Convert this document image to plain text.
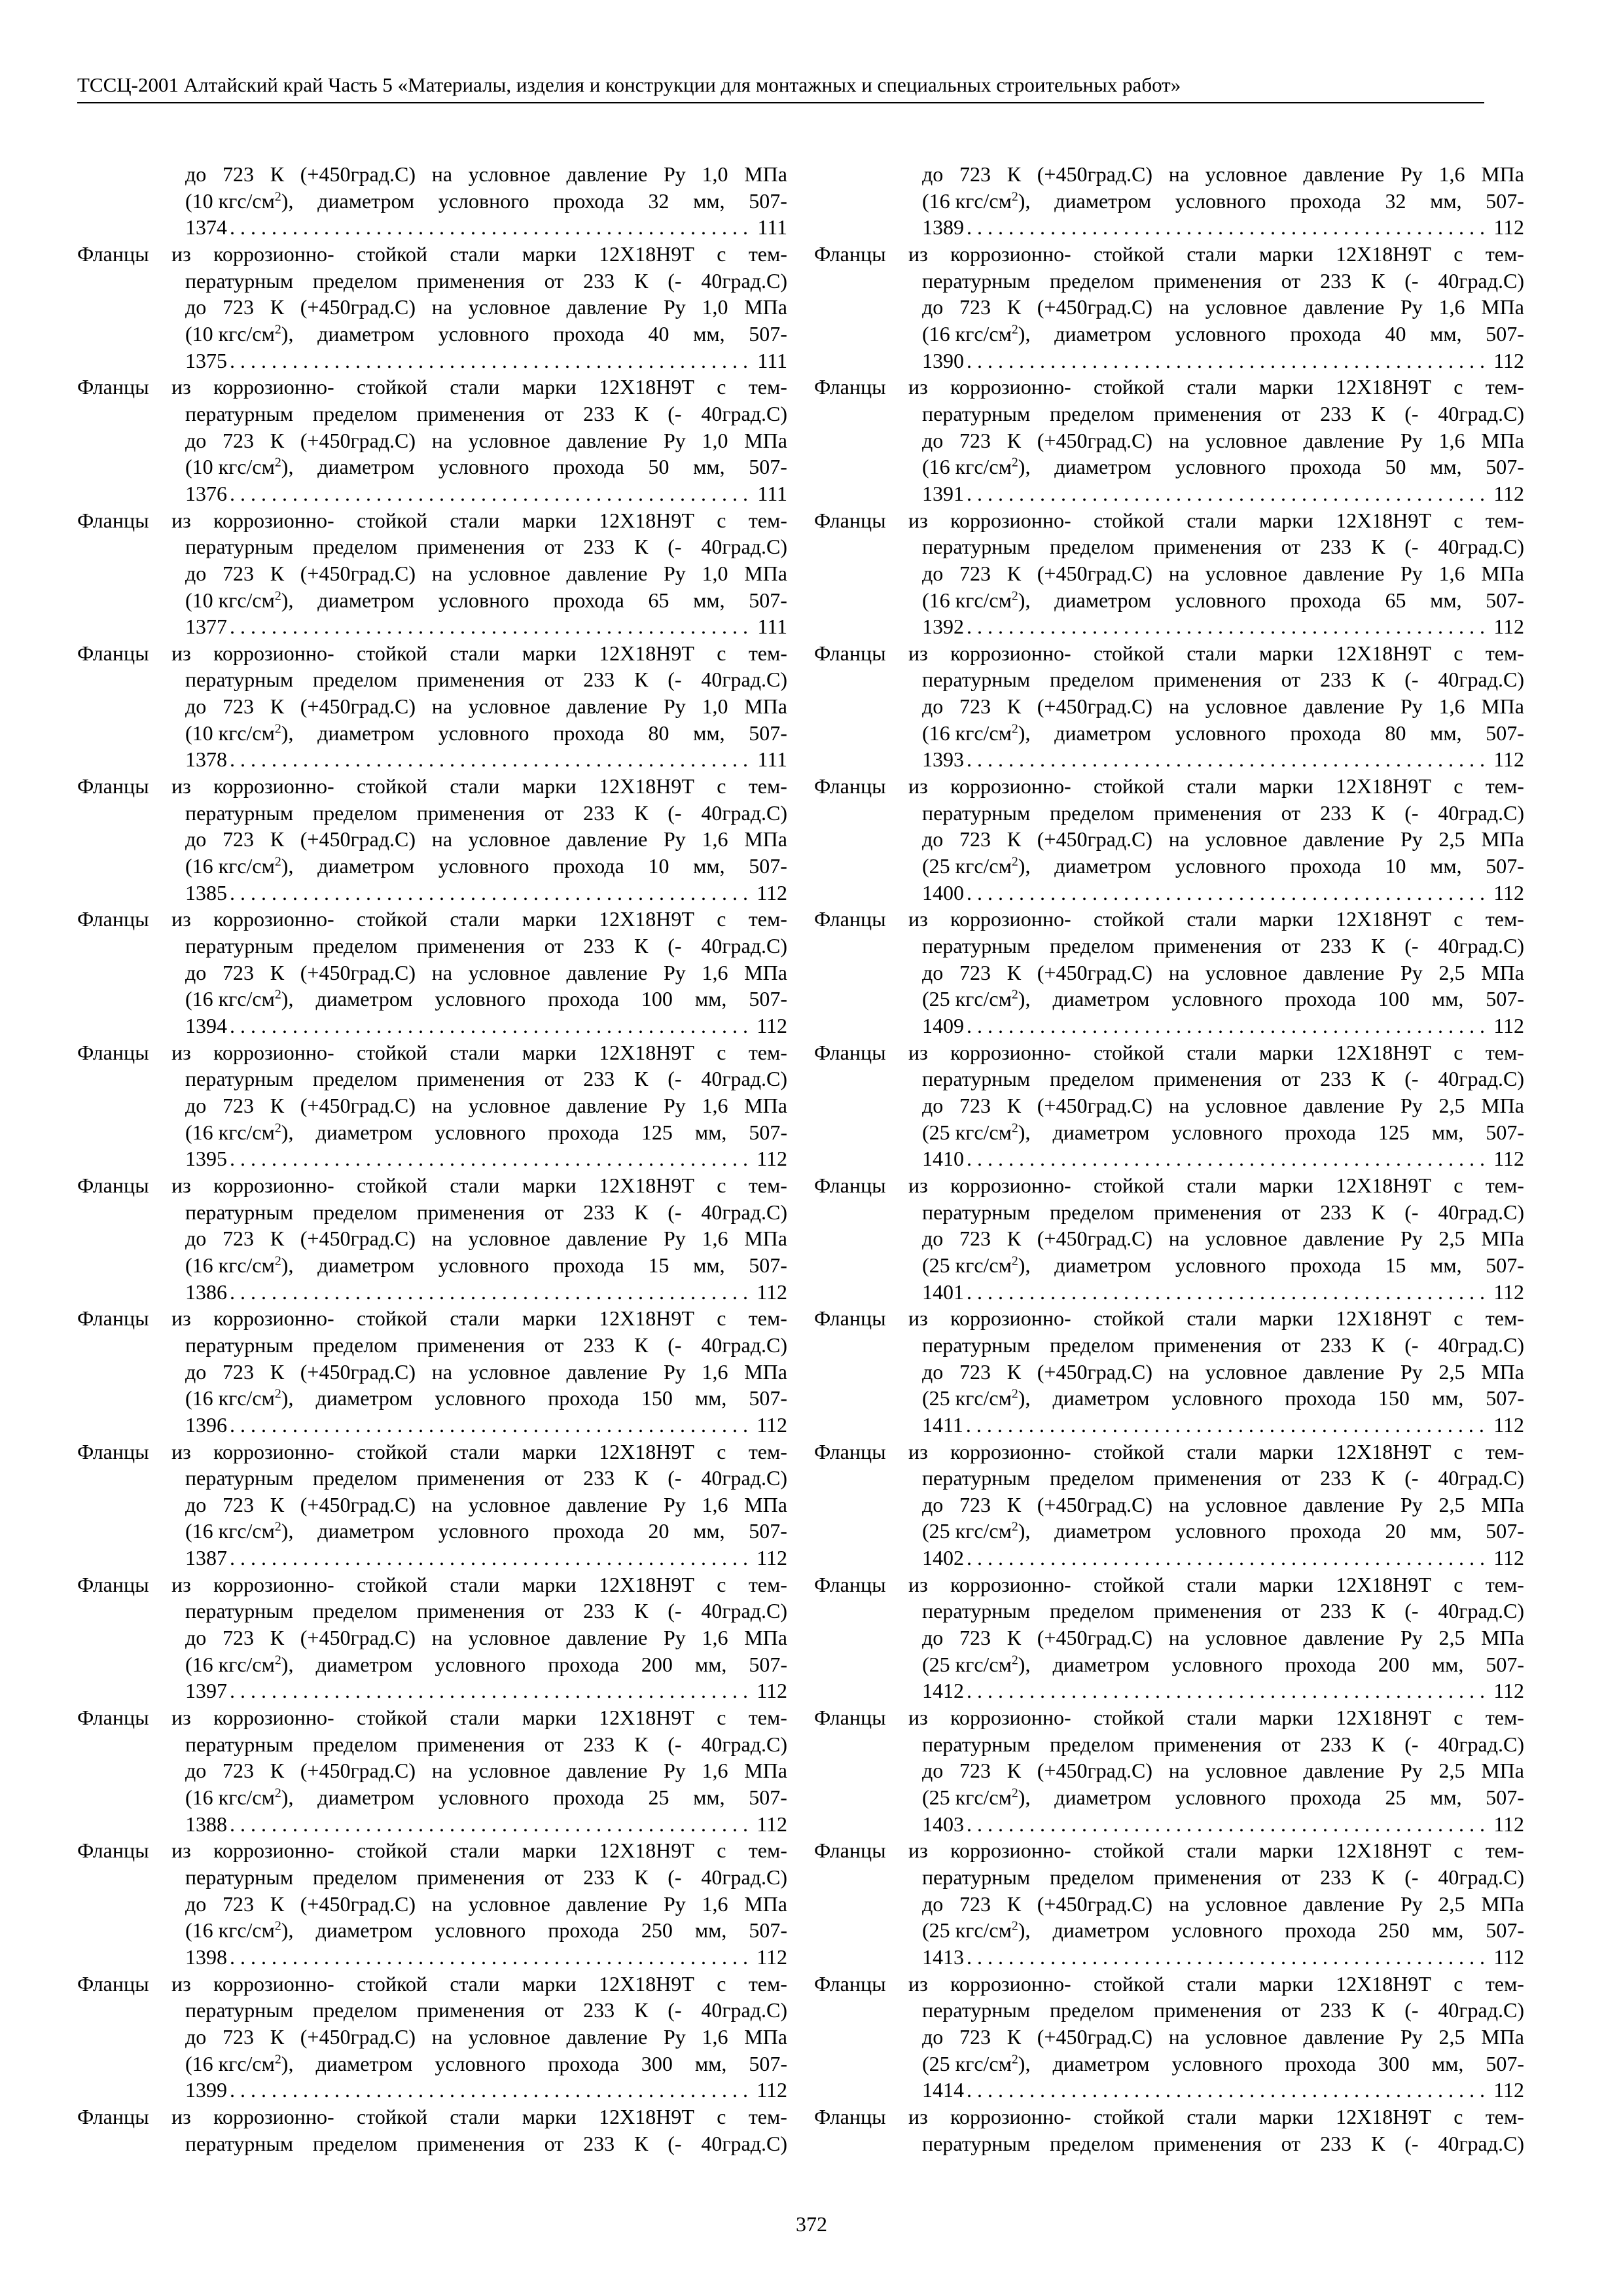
ТССЦ-2001 Алтайский край Часть 5 «Материалы, изделия и конструкции для монтажных и специальных строительных работ»
до 723 К (+450град.С) на условное давление Ру 1,0 МПа
(10 кгс/$см^2$), диаметром условного прохода 32 мм, 507-
1374 . . .	111
Фланцы из коррозионно- стойкой стали марки 12Х18Н9Т с тем-
пературным пределом применения от 233 К (- 40град.С)
до 723 К (+450град.С) на условное давление Ру 1,0 МПа
(10 кгс/$см^2$), диаметром условного прохода 40 мм, 507-
1375 . . .	111
Фланцы из коррозионно- стойкой стали марки 12Х18Н9Т с тем-
пературным пределом применения от 233 К (- 40град.С)
до 723 К (+450град.С) на условное давление Ру 1,0 МПа
(10 кгс/$см^2$), диаметром условного прохода 50 мм, 507-
1376 . . .	111
Фланцы из коррозионно- стойкой стали марки 12Х18Н9Т с тем-
пературным пределом применения от 233 К (- 40град.С)
до 723 К (+450град.С) на условное давление Ру 1,0 МПа
(10 кгс/$см^2$), диаметром условного прохода 65 мм, 507-
1377 . . .	111
Фланцы из коррозионно- стойкой стали марки 12Х18Н9Т с тем-
пературным пределом применения от 233 К (- 40град.С)
до 723 К (+450град.С) на условное давление Ру 1,0 МПа
(10 кгс/$см^2$), диаметром условного прохода 80 мм, 507-
1378 . . .	111
Фланцы из коррозионно- стойкой стали марки 12Х18Н9Т с тем-
пературным пределом применения от 233 К (- 40град.С)
до 723 К (+450град.С) на условное давление Ру 1,6 МПа
(16 кгс/$см^2$), диаметром условного прохода 10 мм, 507-
1385 . . .	112
Фланцы из коррозионно- стойкой стали марки 12Х18Н9Т с тем-
пературным пределом применения от 233 К (- 40град.С)
до 723 К (+450град.С) на условное давление Ру 1,6 МПа
(16 кгс/$см^2$), диаметром условного прохода 100 мм, 507-
1394 . . .	112
Фланцы из коррозионно- стойкой стали марки 12Х18Н9Т с тем-
пературным пределом применения от 233 К (- 40град.С)
до 723 К (+450град.С) на условное давление Ру 1,6 МПа
(16 кгс/$см^2$), диаметром условного прохода 125 мм, 507-
1395 . . .	112
Фланцы из коррозионно- стойкой стали марки 12Х18Н9Т с тем-
пературным пределом применения от 233 К (- 40град.С)
до 723 К (+450град.С) на условное давление Ру 1,6 МПа
(16 кгс/$см^2$), диаметром условного прохода 15 мм, 507-
1386 . . .	112
Фланцы из коррозионно- стойкой стали марки 12Х18Н9Т с тем-
пературным пределом применения от 233 К (- 40град.С)
до 723 К (+450град.С) на условное давление Ру 1,6 МПа
(16 кгс/$см^2$), диаметром условного прохода 150 мм, 507-
1396 . . .	112
Фланцы из коррозионно- стойкой стали марки 12Х18Н9Т с тем-
пературным пределом применения от 233 К (- 40град.С)
до 723 К (+450град.С) на условное давление Ру 1,6 МПа
(16 кгс/$см^2$), диаметром условного прохода 20 мм, 507-
1387 . . .	112
Фланцы из коррозионно- стойкой стали марки 12Х18Н9Т с тем-
пературным пределом применения от 233 К (- 40град.С)
до 723 К (+450град.С) на условное давление Ру 1,6 МПа
(16 кгс/$см^2$), диаметром условного прохода 200 мм, 507-
1397 . . .	112
Фланцы из коррозионно- стойкой стали марки 12Х18Н9Т с тем-
пературным пределом применения от 233 К (- 40град.С)
до 723 К (+450град.С) на условное давление Ру 1,6 МПа
(16 кгс/$см^2$), диаметром условного прохода 25 мм, 507-
1388 . . .	112
Фланцы из коррозионно- стойкой стали марки 12Х18Н9Т с тем-
пературным пределом применения от 233 К (- 40град.С)
до 723 К (+450град.С) на условное давление Ру 1,6 МПа
(16 кгс/$см^2$), диаметром условного прохода 250 мм, 507-
1398 . . .	112
Фланцы из коррозионно- стойкой стали марки 12Х18Н9Т с тем-
пературным пределом применения от 233 К (- 40град.С)
до 723 К (+450град.С) на условное давление Ру 1,6 МПа
(16 кгс/$см^2$), диаметром условного прохода 300 мм, 507-
1399 . . .	112
Фланцы из коррозионно- стойкой стали марки 12Х18Н9Т с тем-
пературным пределом применения от 233 К (- 40град.С)
до 723 К (+450град.С) на условное давление Ру 1,6 МПа
(16 кгс/$см^2$), диаметром условного прохода 32 мм, 507-
1389 . . .	112
Фланцы из коррозионно- стойкой стали марки 12Х18Н9Т с тем-
пературным пределом применения от 233 К (- 40град.С)
до 723 К (+450град.С) на условное давление Ру 1,6 МПа
(16 кгс/$см^2$), диаметром условного прохода 40 мм, 507-
1390 . . .	112
Фланцы из коррозионно- стойкой стали марки 12Х18Н9Т с тем-
пературным пределом применения от 233 К (- 40град.С)
до 723 К (+450град.С) на условное давление Ру 1,6 МПа
(16 кгс/$см^2$), диаметром условного прохода 50 мм, 507-
1391 . . .	112
Фланцы из коррозионно- стойкой стали марки 12Х18Н9Т с тем-
пературным пределом применения от 233 К (- 40град.С)
до 723 К (+450град.С) на условное давление Ру 1,6 МПа
(16 кгс/$см^2$), диаметром условного прохода 65 мм, 507-
1392 . . .	112
Фланцы из коррозионно- стойкой стали марки 12Х18Н9Т с тем-
пературным пределом применения от 233 К (- 40град.С)
до 723 К (+450град.С) на условное давление Ру 1,6 МПа
(16 кгс/$см^2$), диаметром условного прохода 80 мм, 507-
1393 . . .	112
Фланцы из коррозионно- стойкой стали марки 12Х18Н9Т с тем-
пературным пределом применения от 233 К (- 40град.С)
до 723 К (+450град.С) на условное давление Ру 2,5 МПа
(25 кгс/$см^2$), диаметром условного прохода 10 мм, 507-
1400 . . .	112
Фланцы из коррозионно- стойкой стали марки 12Х18Н9Т с тем-
пературным пределом применения от 233 К (- 40град.С)
до 723 К (+450град.С) на условное давление Ру 2,5 МПа
(25 кгс/$см^2$), диаметром условного прохода 100 мм, 507-
1409 . . .	112
Фланцы из коррозионно- стойкой стали марки 12Х18Н9Т с тем-
пературным пределом применения от 233 К (- 40град.С)
до 723 К (+450град.С) на условное давление Ру 2,5 МПа
(25 кгс/$см^2$), диаметром условного прохода 125 мм, 507-
1410 . . .	112
Фланцы из коррозионно- стойкой стали марки 12Х18Н9Т с тем-
пературным пределом применения от 233 К (- 40град.С)
до 723 К (+450град.С) на условное давление Ру 2,5 МПа
(25 кгс/$см^2$), диаметром условного прохода 15 мм, 507-
1401 . . .	112
Фланцы из коррозионно- стойкой стали марки 12Х18Н9Т с тем-
пературным пределом применения от 233 К (- 40град.С)
до 723 К (+450град.С) на условное давление Ру 2,5 МПа
(25 кгс/$см^2$), диаметром условного прохода 150 мм, 507-
1411 . . .	112
Фланцы из коррозионно- стойкой стали марки 12Х18Н9Т с тем-
пературным пределом применения от 233 К (- 40град.С)
до 723 К (+450град.С) на условное давление Ру 2,5 МПа
(25 кгс/$см^2$), диаметром условного прохода 20 мм, 507-
1402 . . .	112
Фланцы из коррозионно- стойкой стали марки 12Х18Н9Т с тем-
пературным пределом применения от 233 К (- 40град.С)
до 723 К (+450град.С) на условное давление Ру 2,5 МПа
(25 кгс/$см^2$), диаметром условного прохода 200 мм, 507-
1412 . . .	112
Фланцы из коррозионно- стойкой стали марки 12Х18Н9Т с тем-
пературным пределом применения от 233 К (- 40град.С)
до 723 К (+450град.С) на условное давление Ру 2,5 МПа
(25 кгс/$см^2$), диаметром условного прохода 25 мм, 507-
1403 . . .	112
Фланцы из коррозионно- стойкой стали марки 12Х18Н9Т с тем-
пературным пределом применения от 233 К (- 40град.С)
до 723 К (+450град.С) на условное давление Ру 2,5 МПа
(25 кгс/$см^2$), диаметром условного прохода 250 мм, 507-
1413 . . .	112
Фланцы из коррозионно- стойкой стали марки 12Х18Н9Т с тем-
пературным пределом применения от 233 К (- 40град.С)
до 723 К (+450град.С) на условное давление Ру 2,5 МПа
(25 кгс/$см^2$), диаметром условного прохода 300 мм, 507-
1414 . . .	112
Фланцы из коррозионно- стойкой стали марки 12Х18Н9Т с тем-
пературным пределом применения от 233 К (- 40град.С)
372
